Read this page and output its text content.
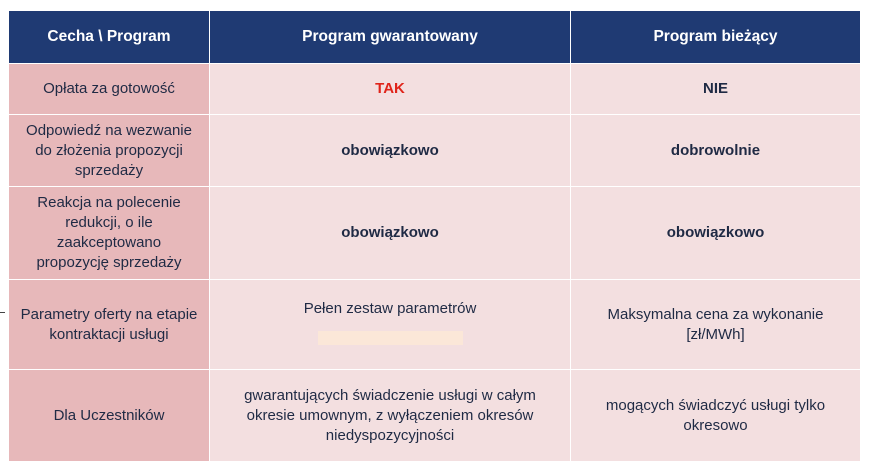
Cecha \ Program	Program gwarantowany	Program bieżący
Opłata za gotowość	TAK	NIE
Odpowiedź na wezwanie do złożenia propozycji sprzedaży	obowiązkowo	dobrowolnie
Reakcja na polecenie redukcji, o ile zaakceptowano propozycję sprzedaży	obowiązkowo	obowiązkowo
Parametry oferty na etapie kontraktacji usługi	Pełen zestaw parametrów	Maksymalna cena za wykonanie [zł/MWh]
Dla Uczestników	gwarantujących świadczenie usługi w całym okresie umownym, z wyłączeniem okresów niedyspozycyjności	mogących świadczyć usługi tylko okresowo
